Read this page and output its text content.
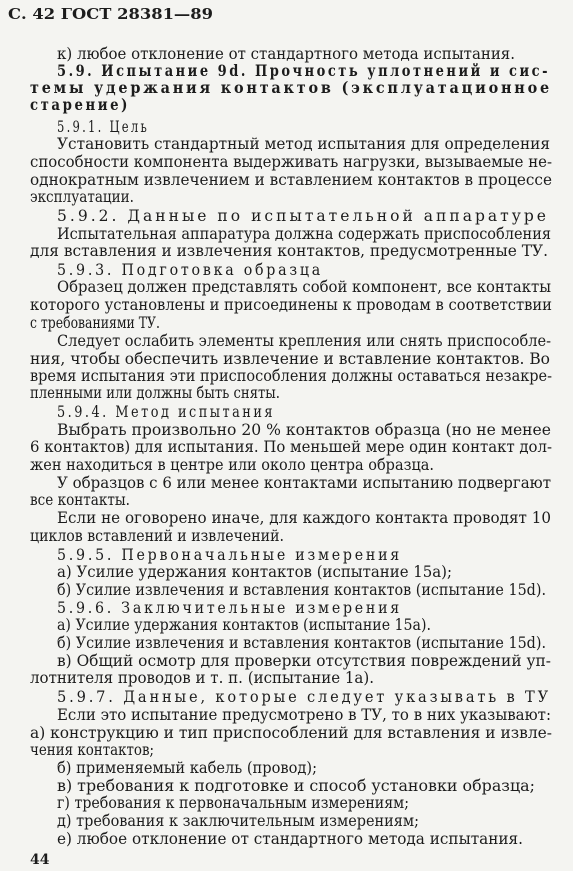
С. 42 ГОСТ 28381—89
к) любое отклонение от стандартного метода испытания.
5.9. Испытание 9d. Прочность уплотнений и сис-
темы удержания контактов (эксплуатационное
старение)
5.9.1. Цель
Установить стандартный метод испытания для определения
способности компонента выдерживать нагрузки, вызываемые не-
однократным извлечением и вставлением контактов в процессе
эксплуатации.
5.9.2. Данные по испытательной аппаратуре
Испытательная аппаратура должна содержать приспособления
для вставления и извлечения контактов, предусмотренные ТУ.
5.9.3. Подготовка образца
Образец должен представлять собой компонент, все контакты
которого установлены и присоединены к проводам в соответствии
с требованиями ТУ.
Следует ослабить элементы крепления или снять приспособле-
ния, чтобы обеспечить извлечение и вставление контактов. Во
время испытания эти приспособления должны оставаться незакре-
пленными или должны быть сняты.
5.9.4. Метод испытания
Выбрать произвольно 20 % контактов образца (но не менее
6 контактов) для испытания. По меньшей мере один контакт дол-
жен находиться в центре или около центра образца.
У образцов с 6 или менее контактами испытанию подвергают
все контакты.
Если не оговорено иначе, для каждого контакта проводят 10
циклов вставлений и извлечений.
5.9.5. Первоначальные измерения
а) Усилие удержания контактов (испытание 15a);
б) Усилие извлечения и вставления контактов (испытание 15d).
5.9.6. Заключительные измерения
а) Усилие удержания контактов (испытание 15a).
б) Усилие извлечения и вставления контактов (испытание 15d).
в) Общий осмотр для проверки отсутствия повреждений уп-
лотнителя проводов и т. п. (испытание 1a).
5.9.7. Данные, которые следует указывать в ТУ
Если это испытание предусмотрено в ТУ, то в них указывают:
а) конструкцию и тип приспособлений для вставления и извле-
чения контактов;
б) применяемый кабель (провод);
в) требования к подготовке и способ установки образца;
г) требования к первоначальным измерениям;
д) требования к заключительным измерениям;
е) любое отклонение от стандартного метода испытания.
44
